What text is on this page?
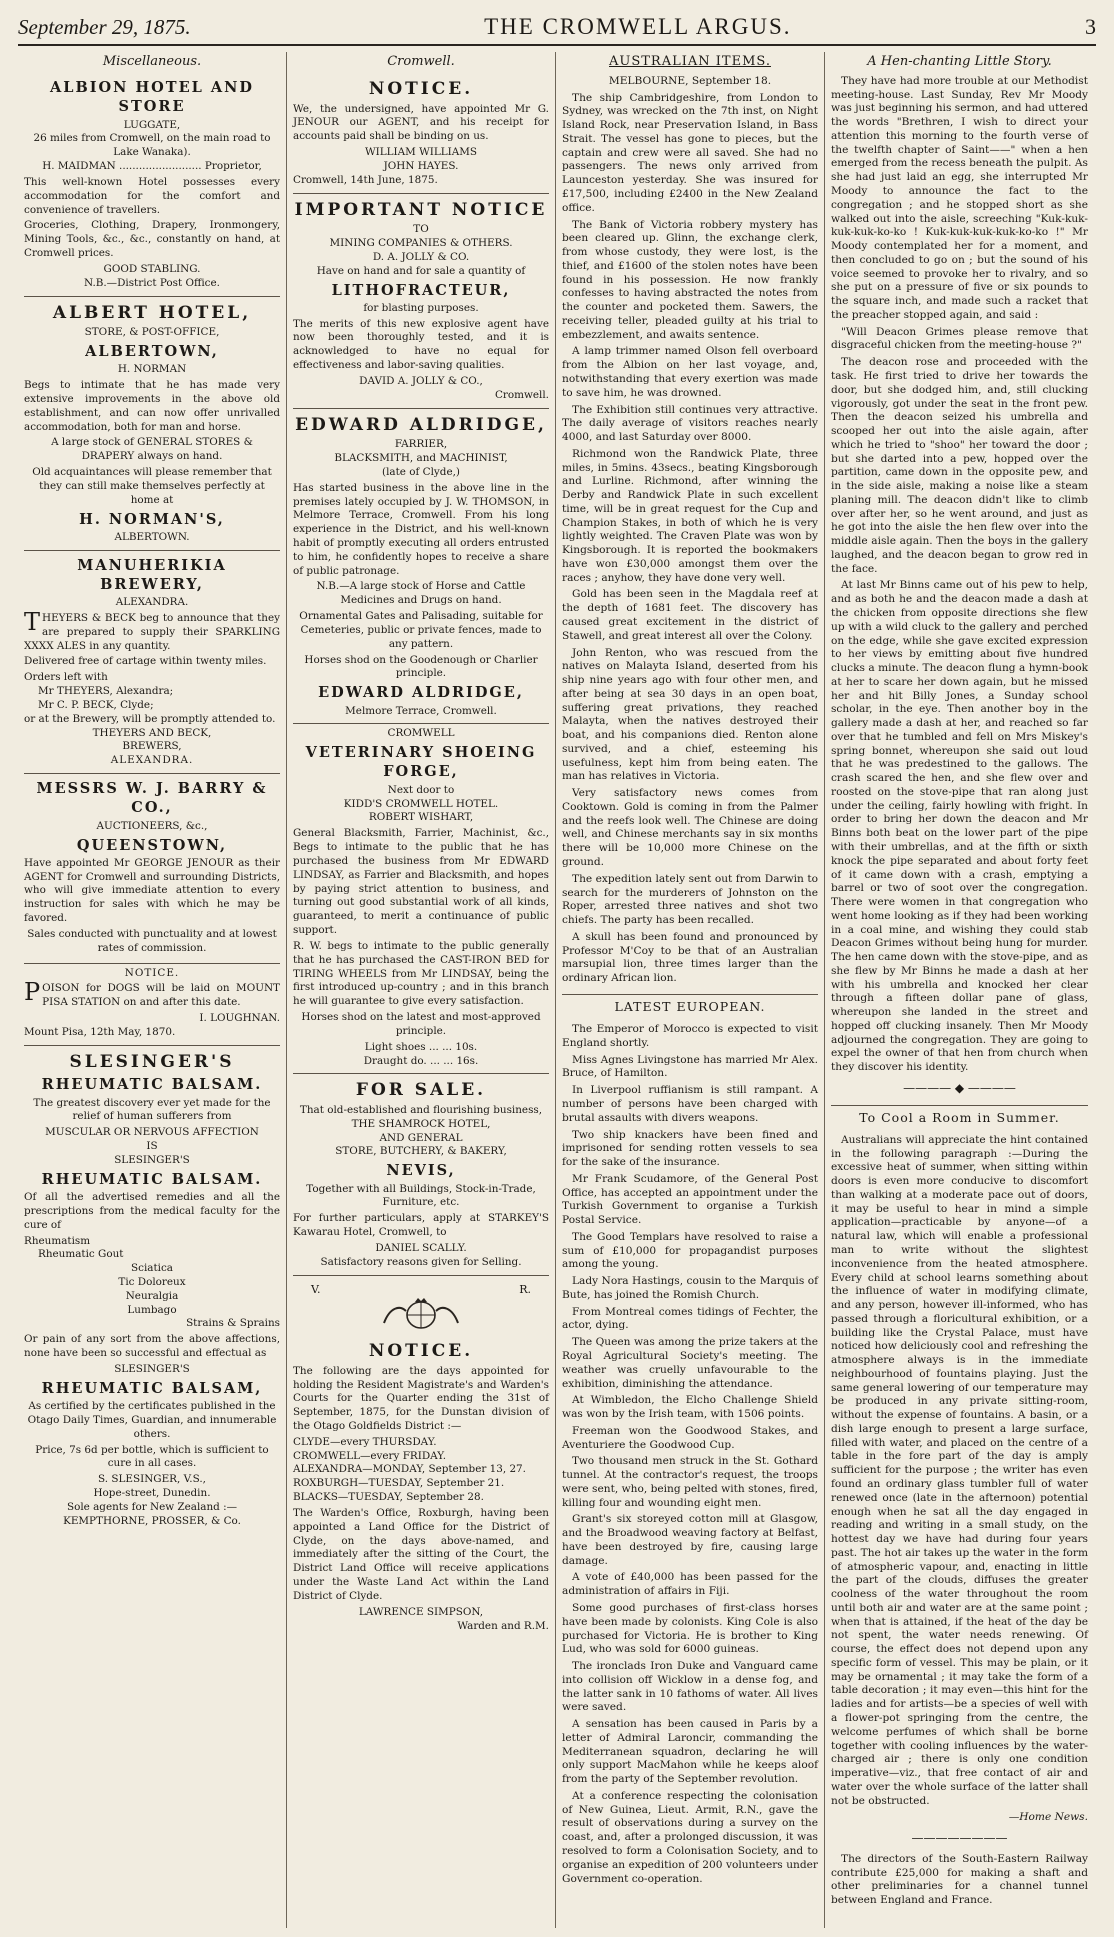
September 29, 1875.	THE CROMWELL ARGUS.	3
Miscellaneous.
ALBION HOTEL AND STORE
LUGGATE,
26 miles from Cromwell, on the main road to Lake Wanaka).
H. MAIDMAN ......................... Proprietor,

This well-known Hotel possesses every accommodation for the comfort and convenience of travellers.

Groceries, Clothing, Drapery, Ironmongery, Mining Tools, &c., &c., constantly on hand, at Cromwell prices.

GOOD STABLING.
N.B.—District Post Office.
ALBERT HOTEL,
STORE, & POST-OFFICE,
ALBERTOWN,
H. NORMAN

Begs to intimate that he has made very extensive improvements in the above old establishment, and can now offer unrivalled accommodation, both for man and horse.

A large stock of GENERAL STORES & DRAPERY always on hand.

Old acquaintances will please remember that they can still make themselves perfectly at home at

H. NORMAN'S,
ALBERTOWN.
MANUHERIKIA BREWERY,
ALEXANDRA.

THEYERS & BECK beg to announce that they are prepared to supply their SPARKLING XXXX ALES in any quantity.

Delivered free of cartage within twenty miles.

Orders left with
Mr THEYERS, Alexandra;
Mr C. P. BECK, Clyde;
or at the Brewery, will be promptly attended to.
THEYERS AND BECK,
BREWERS,
ALEXANDRA.
MESSRS W. J. BARRY & CO.,
AUCTIONEERS, &c.,
QUEENSTOWN,

Have appointed Mr GEORGE JENOUR as their AGENT for Cromwell and surrounding Districts, who will give immediate attention to every instruction for sales with which he may be favored.

Sales conducted with punctuality and at lowest rates of commission.

NOTICE.

POISON for DOGS will be laid on MOUNT PISA STATION on and after this date.

I. LOUGHNAN.
Mount Pisa, 12th May, 1870.
SLESINGER'S
RHEUMATIC BALSAM.

The greatest discovery ever yet made for the relief of human sufferers from

MUSCULAR OR NERVOUS AFFECTION
IS
SLESINGER'S
RHEUMATIC BALSAM.

Of all the advertised remedies and all the prescriptions from the medical faculty for the cure of

Rheumatism
Rheumatic Gout
Sciatica
Tic Doloreux
Neuralgia
Lumbago
Strains & Sprains

Or pain of any sort from the above affections, none have been so successful and effectual as

SLESINGER'S
RHEUMATIC BALSAM,

As certified by the certificates published in the Otago Daily Times, Guardian, and innumerable others.

Price, 7s 6d per bottle, which is sufficient to cure in all cases.

S. SLESINGER, V.S.,
Hope-street, Dunedin.
Sole agents for New Zealand :—
KEMPTHORNE, PROSSER, & Co.
Cromwell.
NOTICE.

We, the undersigned, have appointed Mr G. JENOUR our AGENT, and his receipt for accounts paid shall be binding on us.

WILLIAM WILLIAMS
JOHN HAYES.
Cromwell, 14th June, 1875.
IMPORTANT NOTICE
TO
MINING COMPANIES & OTHERS.
D. A. JOLLY & CO.
Have on hand and for sale a quantity of
LITHOFRACTEUR,
for blasting purposes.

The merits of this new explosive agent have now been thoroughly tested, and it is acknowledged to have no equal for effectiveness and labor-saving qualities.

DAVID A. JOLLY & CO.,
Cromwell.
EDWARD ALDRIDGE,
FARRIER,
BLACKSMITH, and MACHINIST,
(late of Clyde,)

Has started business in the above line in the premises lately occupied by J. W. THOMSON, in Melmore Terrace, Cromwell. From his long experience in the District, and his well-known habit of promptly executing all orders entrusted to him, he confidently hopes to receive a share of public patronage.

N.B.—A large stock of Horse and Cattle Medicines and Drugs on hand.

Ornamental Gates and Palisading, suitable for Cemeteries, public or private fences, made to any pattern.

Horses shod on the Goodenough or Charlier principle.

EDWARD ALDRIDGE,
Melmore Terrace, Cromwell.
CROMWELL
VETERINARY SHOEING FORGE,
Next door to
KIDD'S CROMWELL HOTEL.
ROBERT WISHART,

General Blacksmith, Farrier, Machinist, &c., Begs to intimate to the public that he has purchased the business from Mr EDWARD LINDSAY, as Farrier and Blacksmith, and hopes by paying strict attention to business, and turning out good substantial work of all kinds, guaranteed, to merit a continuance of public support.

R. W. begs to intimate to the public generally that he has purchased the CAST-IRON BED for TIRING WHEELS from Mr LINDSAY, being the first introduced up-country ; and in this branch he will guarantee to give every satisfaction.

Horses shod on the latest and most-approved principle.

Light shoes ... ... 10s.
Draught do. ... ... 16s.
FOR SALE.
That old-established and flourishing business,
THE SHAMROCK HOTEL,
AND GENERAL
STORE, BUTCHERY, & BAKERY,
NEVIS,
Together with all Buildings, Stock-in-Trade, Furniture, etc.

For further particulars, apply at STARKEY'S Kawarau Hotel, Cromwell, to

DANIEL SCALLY.
Satisfactory reasons given for Selling.
V.	R.
NOTICE.

The following are the days appointed for holding the Resident Magistrate's and Warden's Courts for the Quarter ending the 31st of September, 1875, for the Dunstan division of the Otago Goldfields District :—

CLYDE—every THURSDAY.
CROMWELL—every FRIDAY.
ALEXANDRA—MONDAY, September 13, 27.
ROXBURGH—TUESDAY, September 21.
BLACKS—TUESDAY, September 28.

The Warden's Office, Roxburgh, having been appointed a Land Office for the District of Clyde, on the days above-named, and immediately after the sitting of the Court, the District Land Office will receive applications under the Waste Land Act within the Land District of Clyde.

LAWRENCE SIMPSON,
Warden and R.M.
AUSTRALIAN ITEMS.

MELBOURNE, September 18.

The ship Cambridgeshire, from London to Sydney, was wrecked on the 7th inst, on Night Island Rock, near Preservation Island, in Bass Strait. The vessel has gone to pieces, but the captain and crew were all saved. She had no passengers. The news only arrived from Launceston yesterday. She was insured for £17,500, including £2400 in the New Zealand office.

The Bank of Victoria robbery mystery has been cleared up. Glinn, the exchange clerk, from whose custody, they were lost, is the thief, and £1600 of the stolen notes have been found in his possession. He now frankly confesses to having abstracted the notes from the counter and pocketed them. Sawers, the receiving teller, pleaded guilty at his trial to embezzlement, and awaits sentence.

A lamp trimmer named Olson fell overboard from the Albion on her last voyage, and, notwithstanding that every exertion was made to save him, he was drowned.

The Exhibition still continues very attractive. The daily average of visitors reaches nearly 4000, and last Saturday over 8000.

Richmond won the Randwick Plate, three miles, in 5mins. 43secs., beating Kingsborough and Lurline. Richmond, after winning the Derby and Randwick Plate in such excellent time, will be in great request for the Cup and Champion Stakes, in both of which he is very lightly weighted. The Craven Plate was won by Kingsborough. It is reported the bookmakers have won £30,000 amongst them over the races ; anyhow, they have done very well.

Gold has been seen in the Magdala reef at the depth of 1681 feet. The discovery has caused great excitement in the district of Stawell, and great interest all over the Colony.

John Renton, who was rescued from the natives on Malayta Island, deserted from his ship nine years ago with four other men, and after being at sea 30 days in an open boat, suffering great privations, they reached Malayta, when the natives destroyed their boat, and his companions died. Renton alone survived, and a chief, esteeming his usefulness, kept him from being eaten. The man has relatives in Victoria.

Very satisfactory news comes from Cooktown. Gold is coming in from the Palmer and the reefs look well. The Chinese are doing well, and Chinese merchants say in six months there will be 10,000 more Chinese on the ground.

The expedition lately sent out from Darwin to search for the murderers of Johnston on the Roper, arrested three natives and shot two chiefs. The party has been recalled.

A skull has been found and pronounced by Professor M'Coy to be that of an Australian marsupial lion, three times larger than the ordinary African lion.

LATEST EUROPEAN.

The Emperor of Morocco is expected to visit England shortly.

Miss Agnes Livingstone has married Mr Alex. Bruce, of Hamilton.

In Liverpool ruffianism is still rampant. A number of persons have been charged with brutal assaults with divers weapons.

Two ship knackers have been fined and imprisoned for sending rotten vessels to sea for the sake of the insurance.

Mr Frank Scudamore, of the General Post Office, has accepted an appointment under the Turkish Government to organise a Turkish Postal Service.

The Good Templars have resolved to raise a sum of £10,000 for propagandist purposes among the young.

Lady Nora Hastings, cousin to the Marquis of Bute, has joined the Romish Church.

From Montreal comes tidings of Fechter, the actor, dying.

The Queen was among the prize takers at the Royal Agricultural Society's meeting. The weather was cruelly unfavourable to the exhibition, diminishing the attendance.

At Wimbledon, the Elcho Challenge Shield was won by the Irish team, with 1506 points.

Freeman won the Goodwood Stakes, and Aventuriere the Goodwood Cup.

Two thousand men struck in the St. Gothard tunnel. At the contractor's request, the troops were sent, who, being pelted with stones, fired, killing four and wounding eight men.

Grant's six storeyed cotton mill at Glasgow, and the Broadwood weaving factory at Belfast, have been destroyed by fire, causing large damage.

A vote of £40,000 has been passed for the administration of affairs in Fiji.

Some good purchases of first-class horses have been made by colonists. King Cole is also purchased for Victoria. He is brother to King Lud, who was sold for 6000 guineas.

The ironclads Iron Duke and Vanguard came into collision off Wicklow in a dense fog, and the latter sank in 10 fathoms of water. All lives were saved.

A sensation has been caused in Paris by a letter of Admiral Laroncir, commanding the Mediterranean squadron, declaring he will only support MacMahon while he keeps aloof from the party of the September revolution.

At a conference respecting the colonisation of New Guinea, Lieut. Armit, R.N., gave the result of observations during a survey on the coast, and, after a prolonged discussion, it was resolved to form a Colonisation Society, and to organise an expedition of 200 volunteers under Government co-operation.

A Hen-chanting Little Story.

They have had more trouble at our Methodist meeting-house. Last Sunday, Rev Mr Moody was just beginning his sermon, and had uttered the words "Brethren, I wish to direct your attention this morning to the fourth verse of the twelfth chapter of Saint——" when a hen emerged from the recess beneath the pulpit. As she had just laid an egg, she interrupted Mr Moody to announce the fact to the congregation ; and he stopped short as she walked out into the aisle, screeching "Kuk-kuk-kuk-kuk-ko-ko ! Kuk-kuk-kuk-kuk-ko-ko !" Mr Moody contemplated her for a moment, and then concluded to go on ; but the sound of his voice seemed to provoke her to rivalry, and so she put on a pressure of five or six pounds to the square inch, and made such a racket that the preacher stopped again, and said :

"Will Deacon Grimes please remove that disgraceful chicken from the meeting-house ?"

The deacon rose and proceeded with the task. He first tried to drive her towards the door, but she dodged him, and, still clucking vigorously, got under the seat in the front pew. Then the deacon seized his umbrella and scooped her out into the aisle again, after which he tried to "shoo" her toward the door ; but she darted into a pew, hopped over the partition, came down in the opposite pew, and in the side aisle, making a noise like a steam planing mill. The deacon didn't like to climb over after her, so he went around, and just as he got into the aisle the hen flew over into the middle aisle again. Then the boys in the gallery laughed, and the deacon began to grow red in the face.

At last Mr Binns came out of his pew to help, and as both he and the deacon made a dash at the chicken from opposite directions she flew up with a wild cluck to the gallery and perched on the edge, while she gave excited expression to her views by emitting about five hundred clucks a minute. The deacon flung a hymn-book at her to scare her down again, but he missed her and hit Billy Jones, a Sunday school scholar, in the eye. Then another boy in the gallery made a dash at her, and reached so far over that he tumbled and fell on Mrs Miskey's spring bonnet, whereupon she said out loud that he was predestined to the gallows. The crash scared the hen, and she flew over and roosted on the stove-pipe that ran along just under the ceiling, fairly howling with fright. In order to bring her down the deacon and Mr Binns both beat on the lower part of the pipe with their umbrellas, and at the fifth or sixth knock the pipe separated and about forty feet of it came down with a crash, emptying a barrel or two of soot over the congregation. There were women in that congregation who went home looking as if they had been working in a coal mine, and wishing they could stab Deacon Grimes without being hung for murder. The hen came down with the stove-pipe, and as she flew by Mr Binns he made a dash at her with his umbrella and knocked her clear through a fifteen dollar pane of glass, whereupon she landed in the street and hopped off clucking insanely. Then Mr Moody adjourned the congregation. They are going to expel the owner of that hen from church when they discover his identity.

———— ◆ ————
To Cool a Room in Summer.

Australians will appreciate the hint contained in the following paragraph :—During the excessive heat of summer, when sitting within doors is even more conducive to discomfort than walking at a moderate pace out of doors, it may be useful to hear in mind a simple application—practicable by anyone—of a natural law, which will enable a professional man to write without the slightest inconvenience from the heated atmosphere. Every child at school learns something about the influence of water in modifying climate, and any person, however ill-informed, who has passed through a floricultural exhibition, or a building like the Crystal Palace, must have noticed how deliciously cool and refreshing the atmosphere always is in the immediate neighbourhood of fountains playing. Just the same general lowering of our temperature may be produced in any private sitting-room, without the expense of fountains. A basin, or a dish large enough to present a large surface, filled with water, and placed on the centre of a table in the fore part of the day is amply sufficient for the purpose ; the writer has even found an ordinary glass tumbler full of water renewed once (late in the afternoon) potential enough when he sat all the day engaged in reading and writing in a small study, on the hottest day we have had during four years past. The hot air takes up the water in the form of atmospheric vapour, and, enacting in little the part of the clouds, diffuses the greater coolness of the water throughout the room until both air and water are at the same point ; when that is attained, if the heat of the day be not spent, the water needs renewing. Of course, the effect does not depend upon any specific form of vessel. This may be plain, or it may be ornamental ; it may take the form of a table decoration ; it may even—this hint for the ladies and for artists—be a species of well with a flower-pot springing from the centre, the welcome perfumes of which shall be borne together with cooling influences by the water-charged air ; there is only one condition imperative—viz., that free contact of air and water over the whole surface of the latter shall not be obstructed.

—Home News.

————————

The directors of the South-Eastern Railway contribute £25,000 for making a shaft and other preliminaries for a channel tunnel between England and France.
